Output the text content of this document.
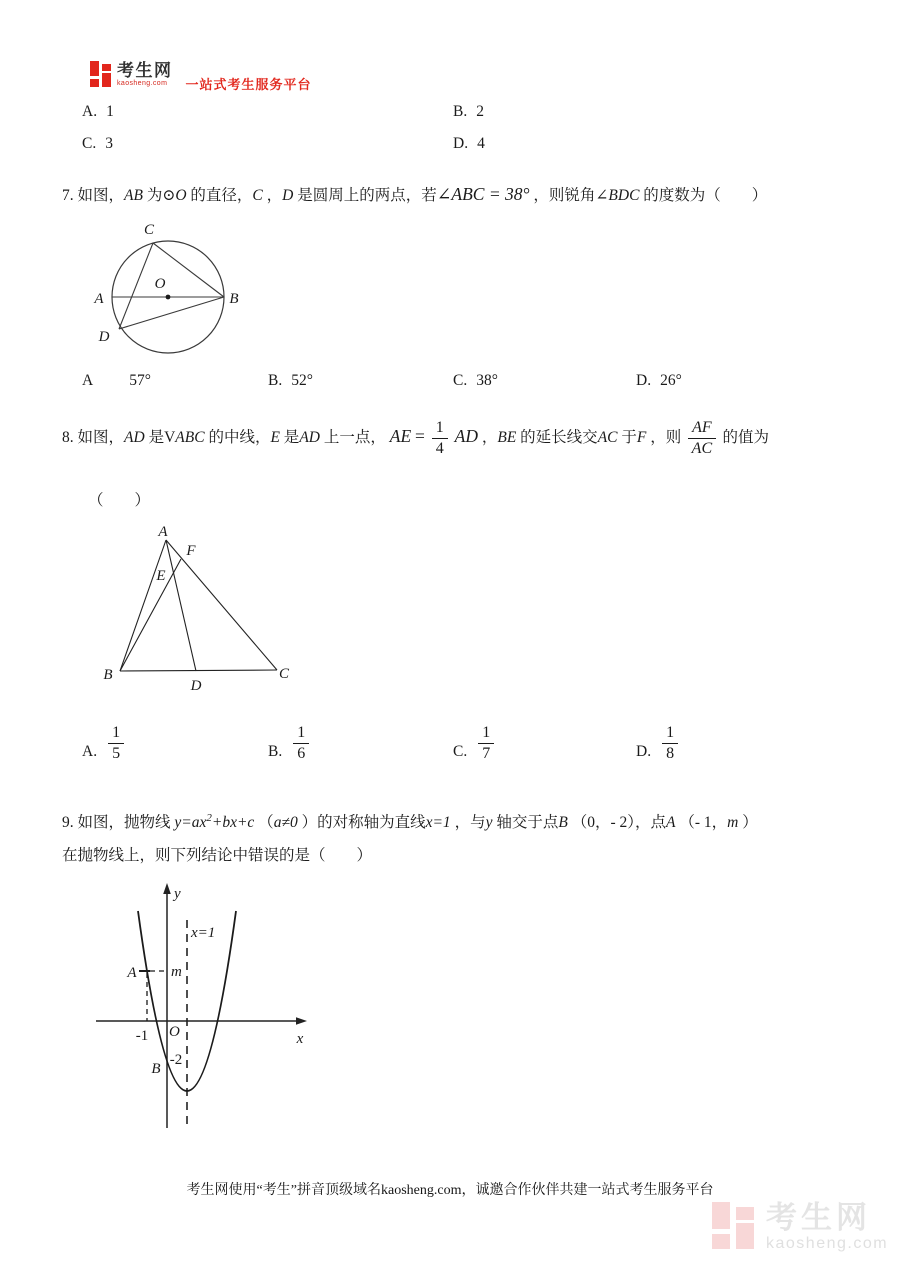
考生网
kaosheng.com	一站式考生服务平台
A. 1	B. 2
C. 3	D. 4
7. 如图，AB 为⊙O 的直径，C ，D 是圆周上的两点，若∠ABC = 38° ，则锐角∠BDC 的度数为（　　）
A	B
C
D
O
A 57°	B. 52°	C. 38°	D. 26°
8. 如图，AD 是VABC 的中线，E 是AD 上一点， AE = $\frac{1}{4}$ AD ，BE 的延长线交AC 于F ，则 $\frac{AF}{AC}$ 的值为
（　　）
A
F
E
B	C
D
A. $\frac{1}{5}$	B. $\frac{1}{6}$	C. $\frac{1}{7}$	D. $\frac{1}{8}$
9. 如图，抛物线 $y=ax^2+bx+c$ （a≠0 ）的对称轴为直线x=1 ，与y 轴交于点B （0，- 2），点A （- 1，m ）
在抛物线上，则下列结论中错误的是（　　）
y
x
O
x=1
A m
-1
B
-2
考生网使用“考生”拼音顶级域名kaosheng.com，诚邀合作伙伴共建一站式考生服务平台
考生网
kaosheng.com
